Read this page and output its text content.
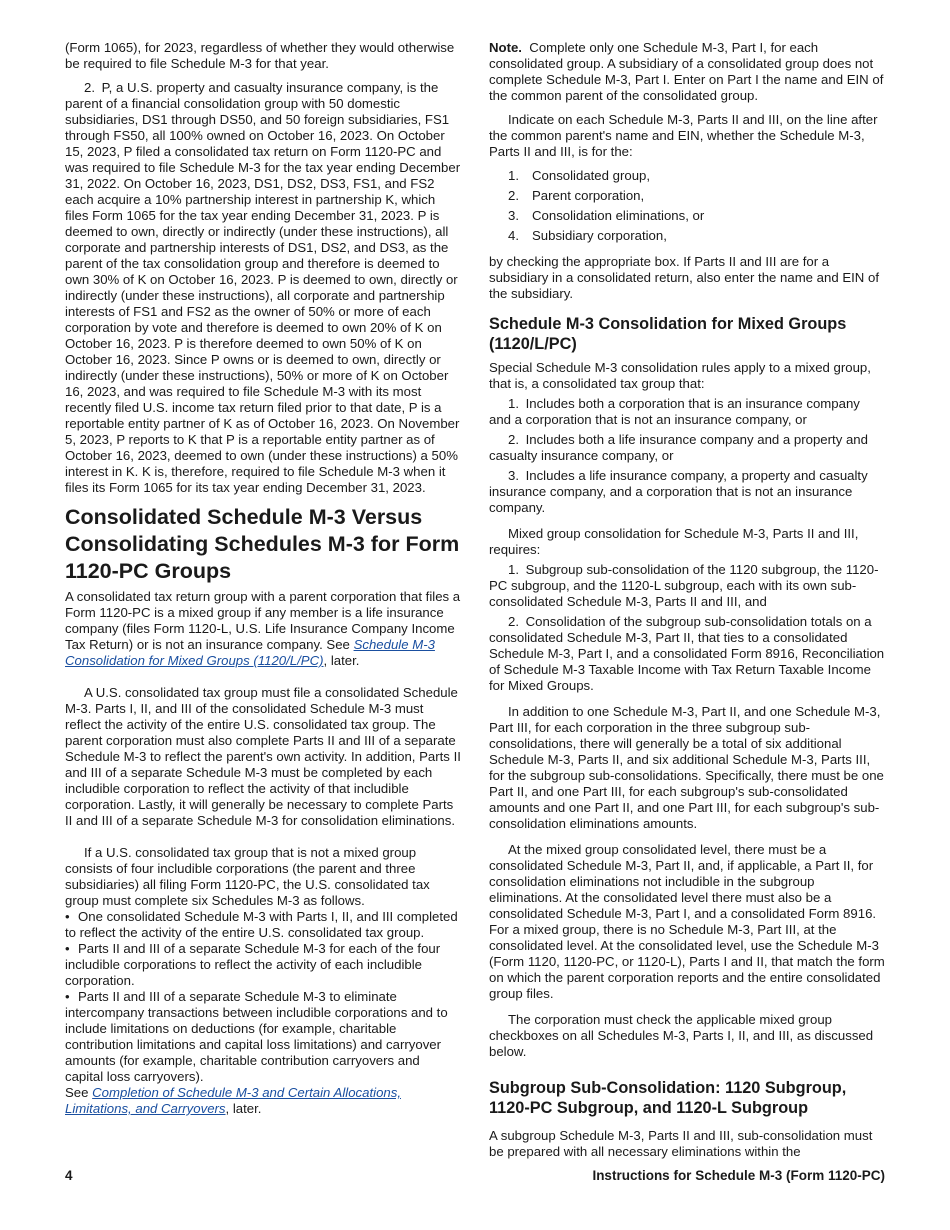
(Form 1065), for 2023, regardless of whether they would otherwise be required to file Schedule M-3 for that year.

2. P, a U.S. property and casualty insurance company, is the parent of a financial consolidation group with 50 domestic subsidiaries, DS1 through DS50, and 50 foreign subsidiaries, FS1 through FS50, all 100% owned on October 16, 2023. On October 15, 2023, P filed a consolidated tax return on Form 1120-PC and was required to file Schedule M-3 for the tax year ending December 31, 2022. On October 16, 2023, DS1, DS2, DS3, FS1, and FS2 each acquire a 10% partnership interest in partnership K, which files Form 1065 for the tax year ending December 31, 2023. P is deemed to own, directly or indirectly (under these instructions), all corporate and partnership interests of DS1, DS2, and DS3, as the parent of the tax consolidation group and therefore is deemed to own 30% of K on October 16, 2023. P is deemed to own, directly or indirectly (under these instructions), all corporate and partnership interests of FS1 and FS2 as the owner of 50% or more of each corporation by vote and therefore is deemed to own 20% of K on October 16, 2023. P is therefore deemed to own 50% of K on October 16, 2023. Since P owns or is deemed to own, directly or indirectly (under these instructions), 50% or more of K on October 16, 2023, and was required to file Schedule M-3 with its most recently filed U.S. income tax return filed prior to that date, P is a reportable entity partner of K as of October 16, 2023. On November 5, 2023, P reports to K that P is a reportable entity partner as of October 16, 2023, deemed to own (under these instructions) a 50% interest in K. K is, therefore, required to file Schedule M-3 when it files its Form 1065 for its tax year ending December 31, 2023.

Consolidated Schedule M-3 Versus Consolidating Schedules M-3 for Form 1120-PC Groups

A consolidated tax return group with a parent corporation that files a Form 1120-PC is a mixed group if any member is a life insurance company (files Form 1120-L, U.S. Life Insurance Company Income Tax Return) or is not an insurance company. See Schedule M-3 Consolidation for Mixed Groups (1120/L/PC), later.

A U.S. consolidated tax group must file a consolidated Schedule M-3. Parts I, II, and III of the consolidated Schedule M-3 must reflect the activity of the entire U.S. consolidated tax group. The parent corporation must also complete Parts II and III of a separate Schedule M-3 to reflect the parent's own activity. In addition, Parts II and III of a separate Schedule M-3 must be completed by each includible corporation to reflect the activity of that includible corporation. Lastly, it will generally be necessary to complete Parts II and III of a separate Schedule M-3 for consolidation eliminations.

If a U.S. consolidated tax group that is not a mixed group consists of four includible corporations (the parent and three subsidiaries) all filing Form 1120-PC, the U.S. consolidated tax group must complete six Schedules M-3 as follows.

• One consolidated Schedule M-3 with Parts I, II, and III completed to reflect the activity of the entire U.S. consolidated tax group.
• Parts II and III of a separate Schedule M-3 for each of the four includible corporations to reflect the activity of each includible corporation.
• Parts II and III of a separate Schedule M-3 to eliminate intercompany transactions between includible corporations and to include limitations on deductions (for example, charitable contribution limitations and capital loss limitations) and carryover amounts (for example, charitable contribution carryovers and capital loss carryovers).

See Completion of Schedule M-3 and Certain Allocations, Limitations, and Carryovers, later.

Note. Complete only one Schedule M-3, Part I, for each consolidated group. A subsidiary of a consolidated group does not complete Schedule M-3, Part I. Enter on Part I the name and EIN of the common parent of the consolidated group.

Indicate on each Schedule M-3, Parts II and III, on the line after the common parent's name and EIN, whether the Schedule M-3, Parts II and III, is for the:

1. Consolidated group,
2. Parent corporation,
3. Consolidation eliminations, or
4. Subsidiary corporation,

by checking the appropriate box. If Parts II and III are for a subsidiary in a consolidated return, also enter the name and EIN of the subsidiary.

Schedule M-3 Consolidation for Mixed Groups (1120/L/PC)

Special Schedule M-3 consolidation rules apply to a mixed group, that is, a consolidated tax group that:

1. Includes both a corporation that is an insurance company and a corporation that is not an insurance company, or

2. Includes both a life insurance company and a property and casualty insurance company, or

3. Includes a life insurance company, a property and casualty insurance company, and a corporation that is not an insurance company.

Mixed group consolidation for Schedule M-3, Parts II and III, requires:

1. Subgroup sub-consolidation of the 1120 subgroup, the 1120-PC subgroup, and the 1120-L subgroup, each with its own sub-consolidated Schedule M-3, Parts II and III, and

2. Consolidation of the subgroup sub-consolidation totals on a consolidated Schedule M-3, Part II, that ties to a consolidated Schedule M-3, Part I, and a consolidated Form 8916, Reconciliation of Schedule M-3 Taxable Income with Tax Return Taxable Income for Mixed Groups.

In addition to one Schedule M-3, Part II, and one Schedule M-3, Part III, for each corporation in the three subgroup sub-consolidations, there will generally be a total of six additional Schedule M-3, Parts II, and six additional Schedule M-3, Parts III, for the subgroup sub-consolidations. Specifically, there must be one Part II, and one Part III, for each subgroup's sub-consolidated amounts and one Part II, and one Part III, for each subgroup's sub-consolidation eliminations amounts.

At the mixed group consolidated level, there must be a consolidated Schedule M-3, Part II, and, if applicable, a Part II, for consolidation eliminations not includible in the subgroup eliminations. At the consolidated level there must also be a consolidated Schedule M-3, Part I, and a consolidated Form 8916. For a mixed group, there is no Schedule M-3, Part III, at the consolidated level. At the consolidated level, use the Schedule M-3 (Form 1120, 1120-PC, or 1120-L), Parts I and II, that match the form on which the parent corporation reports and the entire consolidated group files.

The corporation must check the applicable mixed group checkboxes on all Schedules M-3, Parts I, II, and III, as discussed below.

Subgroup Sub-Consolidation: 1120 Subgroup, 1120-PC Subgroup, and 1120-L Subgroup

A subgroup Schedule M-3, Parts II and III, sub-consolidation must be prepared with all necessary eliminations within the

4	Instructions for Schedule M-3 (Form 1120-PC)
